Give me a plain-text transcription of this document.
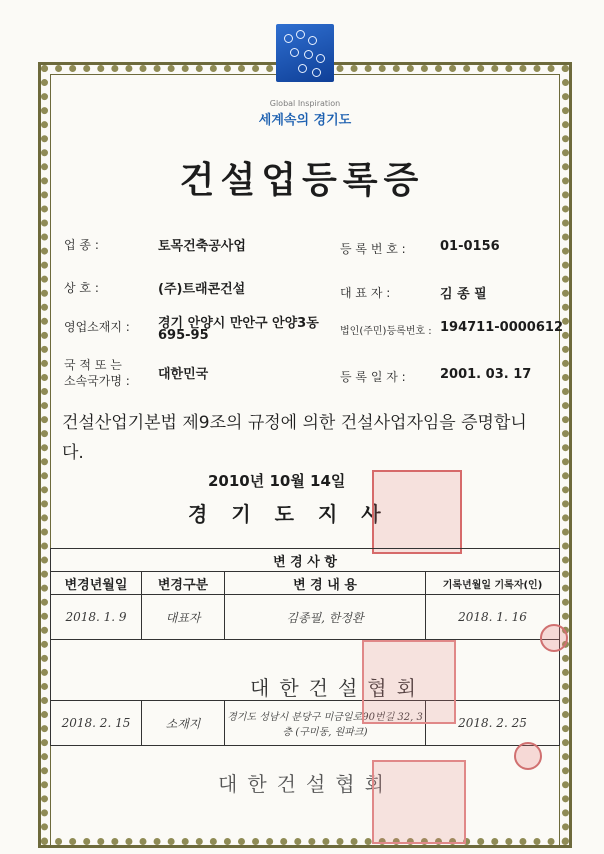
Global Inspiration
세계속의 경기도
건설업등록증
업 종 :	토목건축공사업
상 호 :	(주)트래콘건설
영업소재지 : 경기 안양시 만안구 안양3동
695-95
국 적 또 는
소속국가명 : 대한민국
등 록 번 호 :	01-0156
대 표 자 :	김 종 필
법인(주민)등록번호 : 194711-0000612
등 록 일 자 :	2001. 03. 17
건설산업기본법 제9조의 규정에 의한 건설사업자임을 증명합니다.
2010년 10월 14일
경기도지사
변 경 사 항			
변경년월일	변경구분	변 경 내 용	기록년월일 기록자(인)
2018. 1. 9	대표자	김종필, 한정환	2018. 1. 16

2018. 2. 15	소재지	경기도 성남시 분당구 미금일로90번길 32, 3층 (구미동, 원파크)	2018. 2. 25
대한건설협회
대한건설협회
